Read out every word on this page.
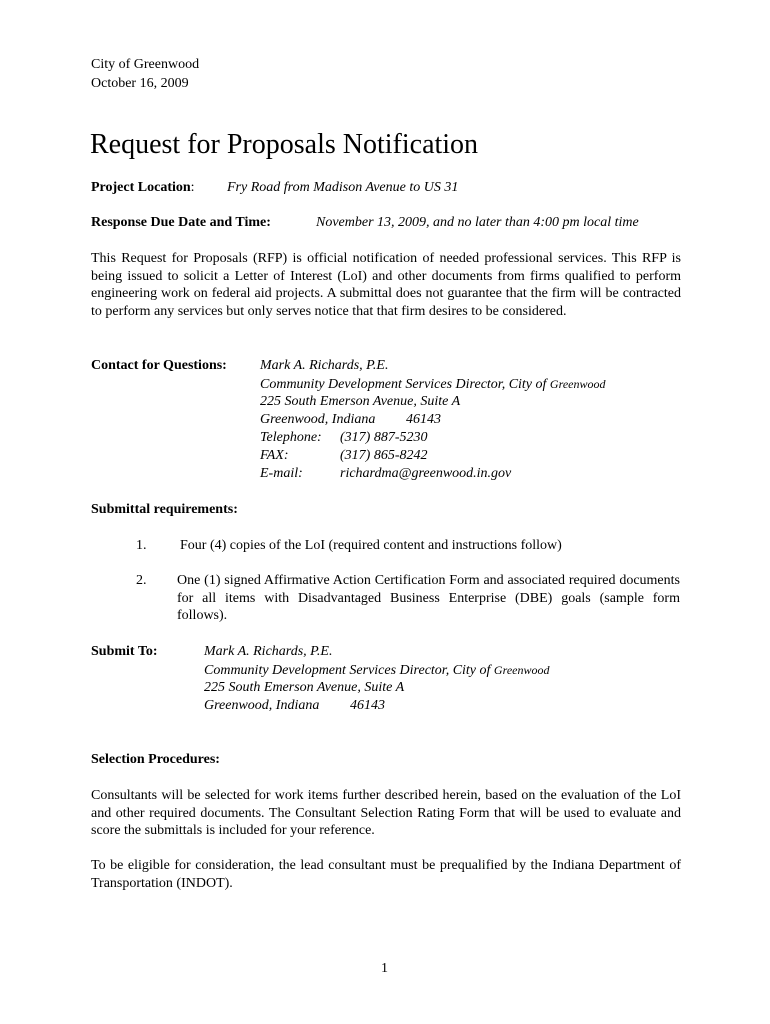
City of Greenwood
October 16, 2009
Request for Proposals Notification
Project Location: Fry Road from Madison Avenue to US 31
Response Due Date and Time:	November 13, 2009, and no later than 4:00 pm local time
This Request for Proposals (RFP) is official notification of needed professional services. This RFP is being issued to solicit a Letter of Interest (LoI) and other documents from firms qualified to perform engineering work on federal aid projects. A submittal does not guarantee that the firm will be contracted to perform any services but only serves notice that that firm desires to be considered.
Contact for Questions: Mark A. Richards, P.E.
Community Development Services Director, City of Greenwood
225 South Emerson Avenue, Suite A
Greenwood, Indiana 46143
Telephone: (317) 887-5230
FAX:	(317) 865-8242
E-mail:	richardma@greenwood.in.gov
Submittal requirements:
1. Four (4) copies of the LoI (required content and instructions follow)
2. One (1) signed Affirmative Action Certification Form and associated required documents for all items with Disadvantaged Business Enterprise (DBE) goals (sample form follows).
Submit To:	Mark A. Richards, P.E.
Community Development Services Director, City of Greenwood
225 South Emerson Avenue, Suite A
Greenwood, Indiana 46143
Selection Procedures:
Consultants will be selected for work items further described herein, based on the evaluation of the LoI and other required documents. The Consultant Selection Rating Form that will be used to evaluate and score the submittals is included for your reference.
To be eligible for consideration, the lead consultant must be prequalified by the Indiana Department of Transportation (INDOT).
1
